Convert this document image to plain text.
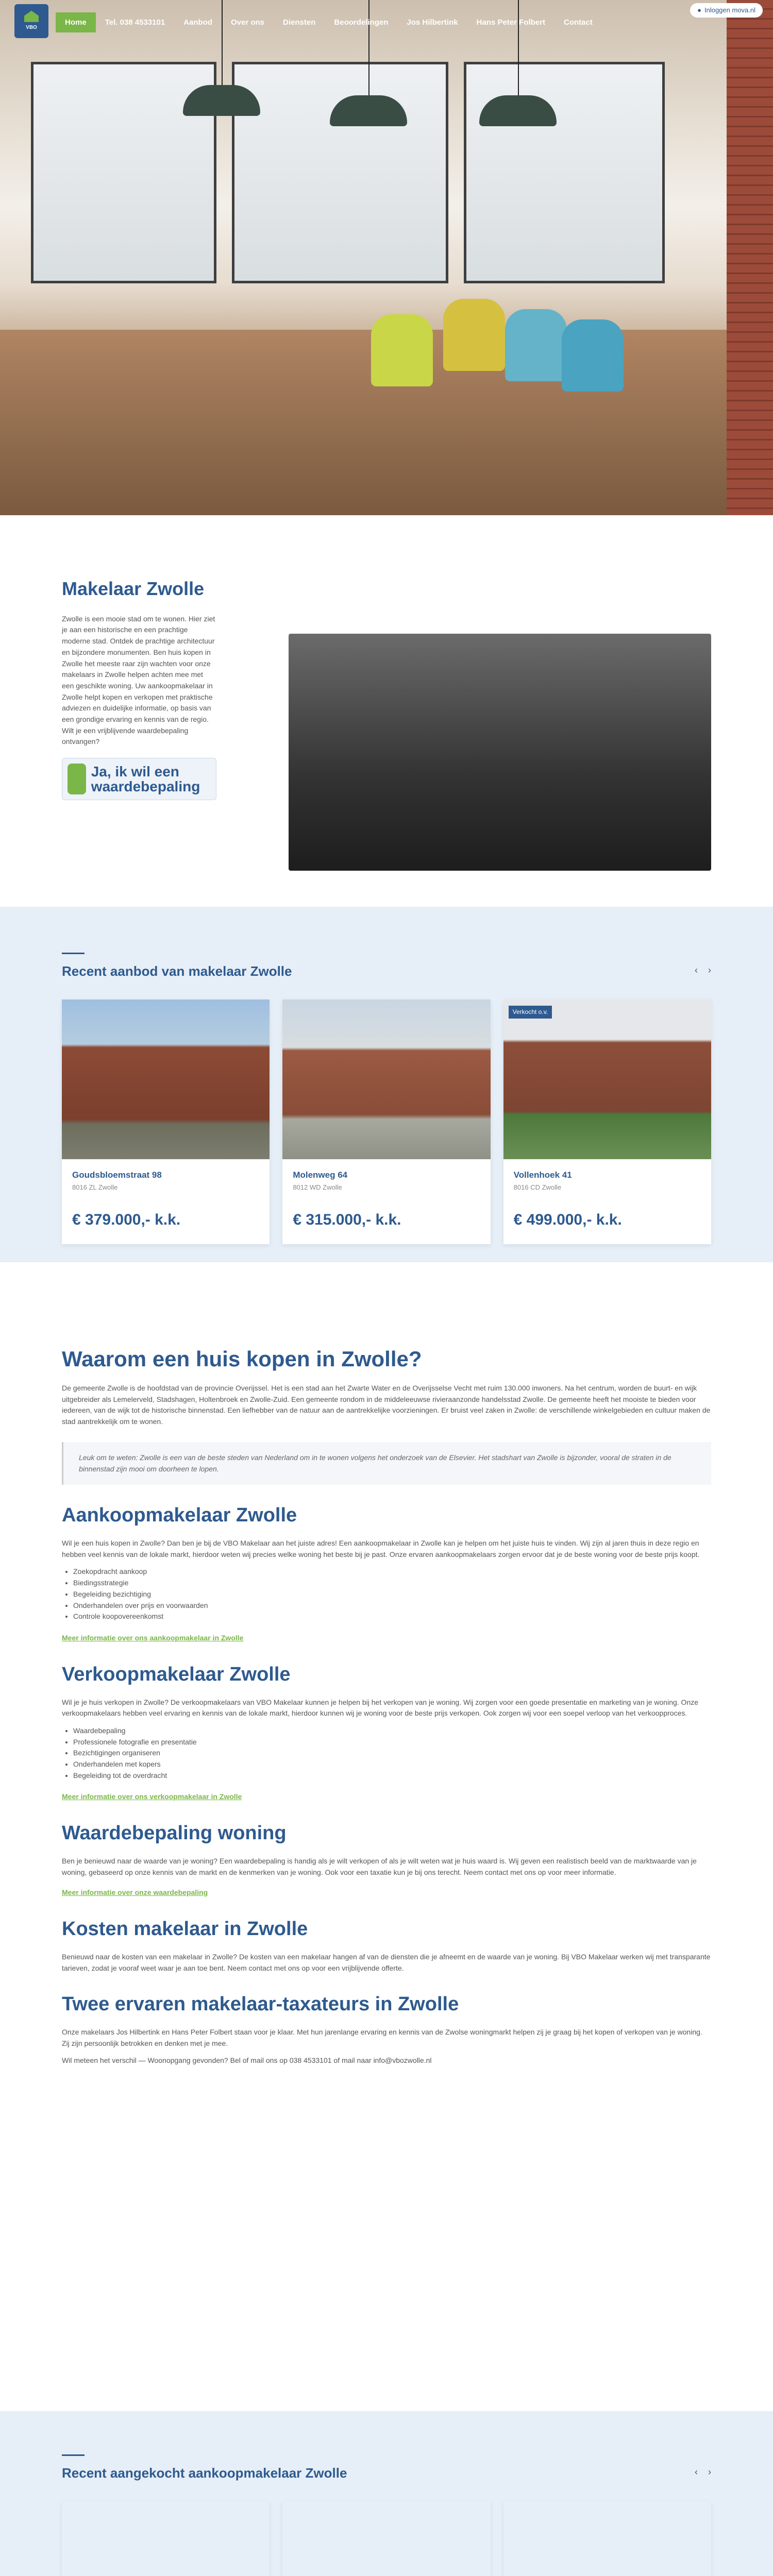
VBO
Home	Tel. 038 4533101	Aanbod	Over ons	Diensten	Beoordelingen	Jos Hilbertink	Hans Peter Folbert	Contact
● Inloggen mova.nl
Makelaar Zwolle

Zwolle is een mooie stad om te wonen. Hier ziet je aan een historische en een prachtige moderne stad. Ontdek de prachtige architectuur en bijzondere monumenten. Ben huis kopen in Zwolle het meeste raar zijn wachten voor onze makelaars in Zwolle helpen achten mee met een geschikte woning. Uw aankoopmakelaar in Zwolle helpt kopen en verkopen met praktische adviezen en duidelijke informatie, op basis van een grondige ervaring en kennis van de regio. Wilt je een vrijblijvende waardebepaling ontvangen?

Ja, ik wil een waardebepaling
Recent aanbod van makelaar Zwolle	‹ ›
Goudsbloemstraat 98
8016 ZL Zwolle
€ 379.000,- k.k.
Molenweg 64
8012 WD Zwolle
€ 315.000,- k.k.
Verkocht o.v.
Vollenhoek 41
8016 CD Zwolle
€ 499.000,- k.k.
Waarom een huis kopen in Zwolle?

De gemeente Zwolle is de hoofdstad van de provincie Overijssel. Het is een stad aan het Zwarte Water en de Overijsselse Vecht met ruim 130.000 inwoners. Na het centrum, worden de buurt- en wijk uitgebreider als Lemelerveld, Stadshagen, Holtenbroek en Zwolle-Zuid. Een gemeente rondom in de middeleeuwse rivieraanzonde handelsstad Zwolle. De gemeente heeft het mooiste te bieden voor iedereen, van de wijk tot de historische binnenstad. Een liefhebber van de natuur aan de aantrekkelijke voorzieningen. Er bruist veel zaken in Zwolle: de verschillende winkelgebieden en cultuur maken de stad aantrekkelijk om te wonen.

Leuk om te weten: Zwolle is een van de beste steden van Nederland om in te wonen volgens het onderzoek van de Elsevier. Het stadshart van Zwolle is bijzonder, vooral de straten in de binnenstad zijn mooi om doorheen te lopen.
Aankoopmakelaar Zwolle

Wil je een huis kopen in Zwolle? Dan ben je bij de VBO Makelaar aan het juiste adres! Een aankoopmakelaar in Zwolle kan je helpen om het juiste huis te vinden. Wij zijn al jaren thuis in deze regio en hebben veel kennis van de lokale markt, hierdoor weten wij precies welke woning het beste bij je past. Onze ervaren aankoopmakelaars zorgen ervoor dat je de beste woning voor de beste prijs koopt.

• Zoekopdracht aankoop
• Biedingsstrategie
• Begeleiding bezichtiging
• Onderhandelen over prijs en voorwaarden
• Controle koopovereenkomst
Meer informatie over ons aankoopmakelaar in Zwolle
Verkoopmakelaar Zwolle

Wil je je huis verkopen in Zwolle? De verkoopmakelaars van VBO Makelaar kunnen je helpen bij het verkopen van je woning. Wij zorgen voor een goede presentatie en marketing van je woning. Onze verkoopmakelaars hebben veel ervaring en kennis van de lokale markt, hierdoor kunnen wij je woning voor de beste prijs verkopen. Ook zorgen wij voor een soepel verloop van het verkoopproces.

• Waardebepaling
• Professionele fotografie en presentatie
• Bezichtigingen organiseren
• Onderhandelen met kopers
• Begeleiding tot de overdracht
Meer informatie over ons verkoopmakelaar in Zwolle
Waardebepaling woning

Ben je benieuwd naar de waarde van je woning? Een waardebepaling is handig als je wilt verkopen of als je wilt weten wat je huis waard is. Wij geven een realistisch beeld van de marktwaarde van je woning, gebaseerd op onze kennis van de markt en de kenmerken van je woning. Ook voor een taxatie kun je bij ons terecht. Neem contact met ons op voor meer informatie.

Meer informatie over onze waardebepaling
Kosten makelaar in Zwolle

Benieuwd naar de kosten van een makelaar in Zwolle? De kosten van een makelaar hangen af van de diensten die je afneemt en de waarde van je woning. Bij VBO Makelaar werken wij met transparante tarieven, zodat je vooraf weet waar je aan toe bent. Neem contact met ons op voor een vrijblijvende offerte.

Twee ervaren makelaar-taxateurs in Zwolle

Onze makelaars Jos Hilbertink en Hans Peter Folbert staan voor je klaar. Met hun jarenlange ervaring en kennis van de Zwolse woningmarkt helpen zij je graag bij het kopen of verkopen van je woning. Zij zijn persoonlijk betrokken en denken met je mee.

Wil meteen het verschil — Woonopgang gevonden? Bel of mail ons op 038 4533101 of mail naar info@vbozwolle.nl

Recent aangekocht aankoopmakelaar Zwolle	‹ ›
